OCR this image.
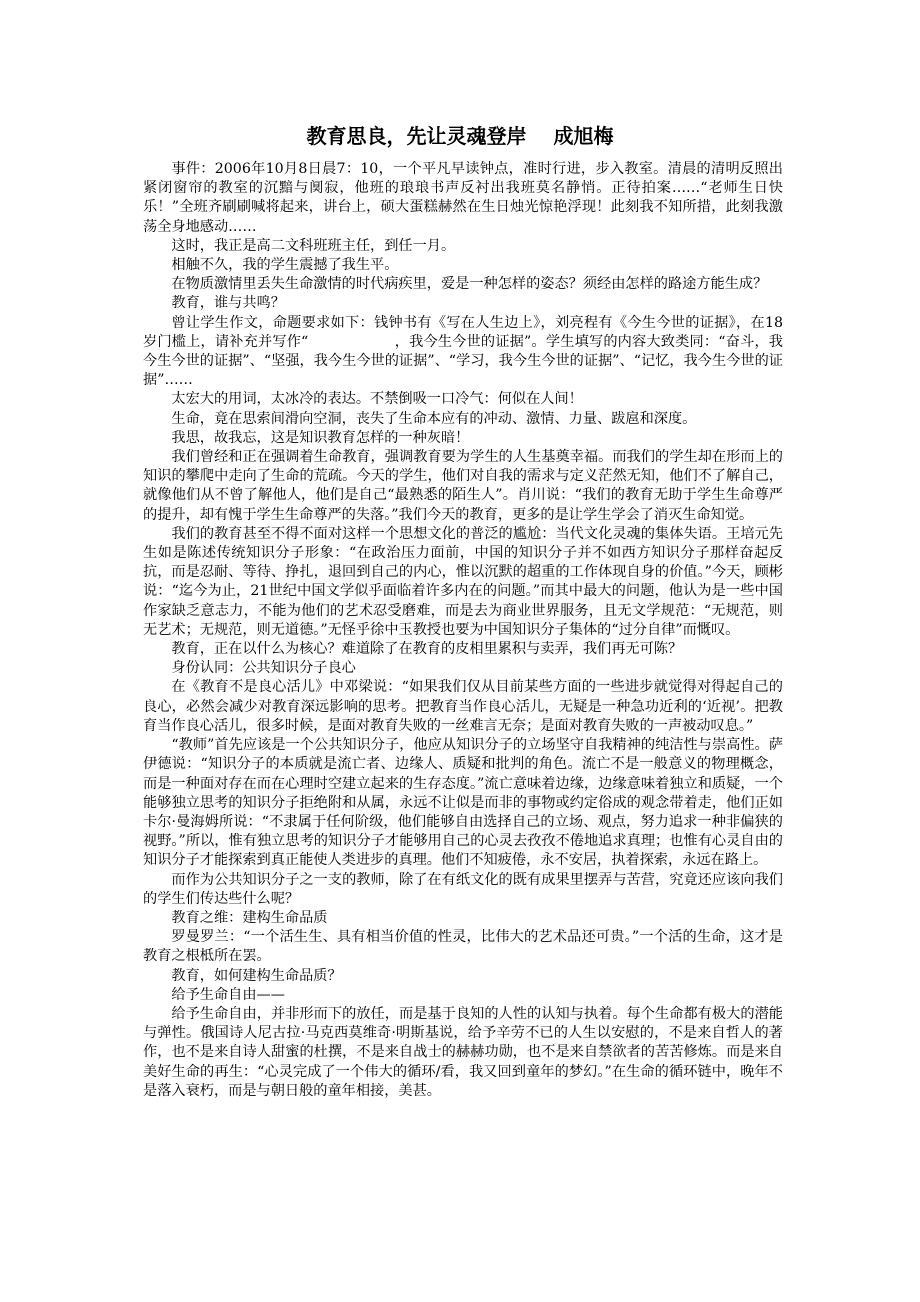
教育思良，先让灵魂登岸　 成旭梅

事件：2006年10月8日晨7：10，一个平凡早读钟点，准时行进，步入教室。清晨的清明反照出紧闭窗帘的教室的沉黯与阒寂，他班的琅琅书声反衬出我班莫名静悄。正待拍案……“老师生日快乐！”全班齐刷刷喊将起来，讲台上，硕大蛋糕赫然在生日烛光惊艳浮现！此刻我不知所措，此刻我激荡全身地感动……

这时，我正是高二文科班班主任，到任一月。

相触不久，我的学生震撼了我生平。

在物质激情里丢失生命激情的时代病疾里，爱是一种怎样的姿态？须经由怎样的路途方能生成？

教育，谁与共鸣？

曾让学生作文，命题要求如下：钱钟书有《写在人生边上》，刘亮程有《今生今世的证据》，在18岁门槛上，请补充并写作“　　　　　　，我今生今世的证据”。学生填写的内容大致类同：“奋斗，我今生今世的证据”、“坚强，我今生今世的证据”、“学习，我今生今世的证据”、“记忆，我今生今世的证据”……

太宏大的用词，太冰冷的表达。不禁倒吸一口冷气：何似在人间！

生命，竟在思索间滑向空洞，丧失了生命本应有的冲动、激情、力量、跋扈和深度。

我思，故我忘，这是知识教育怎样的一种灰暗！

我们曾经和正在强调着生命教育，强调教育要为学生的人生基奠幸福。而我们的学生却在形而上的知识的攀爬中走向了生命的荒疏。今天的学生，他们对自我的需求与定义茫然无知，他们不了解自己，就像他们从不曾了解他人，他们是自己“最熟悉的陌生人”。肖川说：“我们的教育无助于学生生命尊严的提升，却有愧于学生生命尊严的失落。”我们今天的教育，更多的是让学生学会了消灭生命知觉。

我们的教育甚至不得不面对这样一个思想文化的普泛的尴尬：当代文化灵魂的集体失语。王培元先生如是陈述传统知识分子形象：“在政治压力面前，中国的知识分子并不如西方知识分子那样奋起反抗，而是忍耐、等待、挣扎，退回到自己的内心，惟以沉默的超重的工作体现自身的价值。”今天，顾彬说：“迄今为止，21世纪中国文学似乎面临着许多内在的问题。”而其中最大的问题，他认为是一些中国作家缺乏意志力，不能为他们的艺术忍受磨难，而是去为商业世界服务，且无文学规范：“无规范，则无艺术；无规范，则无道德。”无怪乎徐中玉教授也要为中国知识分子集体的“过分自律”而慨叹。

教育，正在以什么为核心？难道除了在教育的皮相里累积与卖弄，我们再无可陈？

身份认同：公共知识分子良心

在《教育不是良心活儿》中邓梁说：“如果我们仅从目前某些方面的一些进步就觉得对得起自己的良心，必然会减少对教育深远影响的思考。把教育当作良心活儿，无疑是一种急功近利的‘近视’。把教育当作良心活儿，很多时候，是面对教育失败的一丝难言无奈；是面对教育失败的一声被动叹息。”

“教师”首先应该是一个公共知识分子，他应从知识分子的立场坚守自我精神的纯洁性与崇高性。萨伊德说：“知识分子的本质就是流亡者、边缘人、质疑和批判的角色。流亡不是一般意义的物理概念，而是一种面对存在而在心理时空建立起来的生存态度。”流亡意味着边缘，边缘意味着独立和质疑，一个能够独立思考的知识分子拒绝附和从属，永远不让似是而非的事物或约定俗成的观念带着走，他们正如卡尔·曼海姆所说：“不隶属于任何阶级，他们能够自由选择自己的立场、观点，努力追求一种非偏狭的视野。”所以，惟有独立思考的知识分子才能够用自己的心灵去孜孜不倦地追求真理；也惟有心灵自由的知识分子才能探索到真正能使人类进步的真理。他们不知疲倦，永不安居，执着探索，永远在路上。

而作为公共知识分子之一支的教师，除了在有纸文化的既有成果里摆弄与苦营，究竟还应该向我们的学生们传达些什么呢？

教育之维：建构生命品质

罗曼罗兰：“一个活生生、具有相当价值的性灵，比伟大的艺术品还可贵。”一个活的生命，这才是教育之根柢所在罢。

教育，如何建构生命品质？

给予生命自由——

给予生命自由，并非形而下的放任，而是基于良知的人性的认知与执着。每个生命都有极大的潜能与弹性。俄国诗人尼古拉·马克西莫维奇·明斯基说，给予辛劳不已的人生以安慰的，不是来自哲人的著作，也不是来自诗人甜蜜的杜撰，不是来自战士的赫赫功勋，也不是来自禁欲者的苦苦修炼。而是来自美好生命的再生：“心灵完成了一个伟大的循环/看，我又回到童年的梦幻。”在生命的循环链中，晚年不是落入衰朽，而是与朝日般的童年相接，美甚。
